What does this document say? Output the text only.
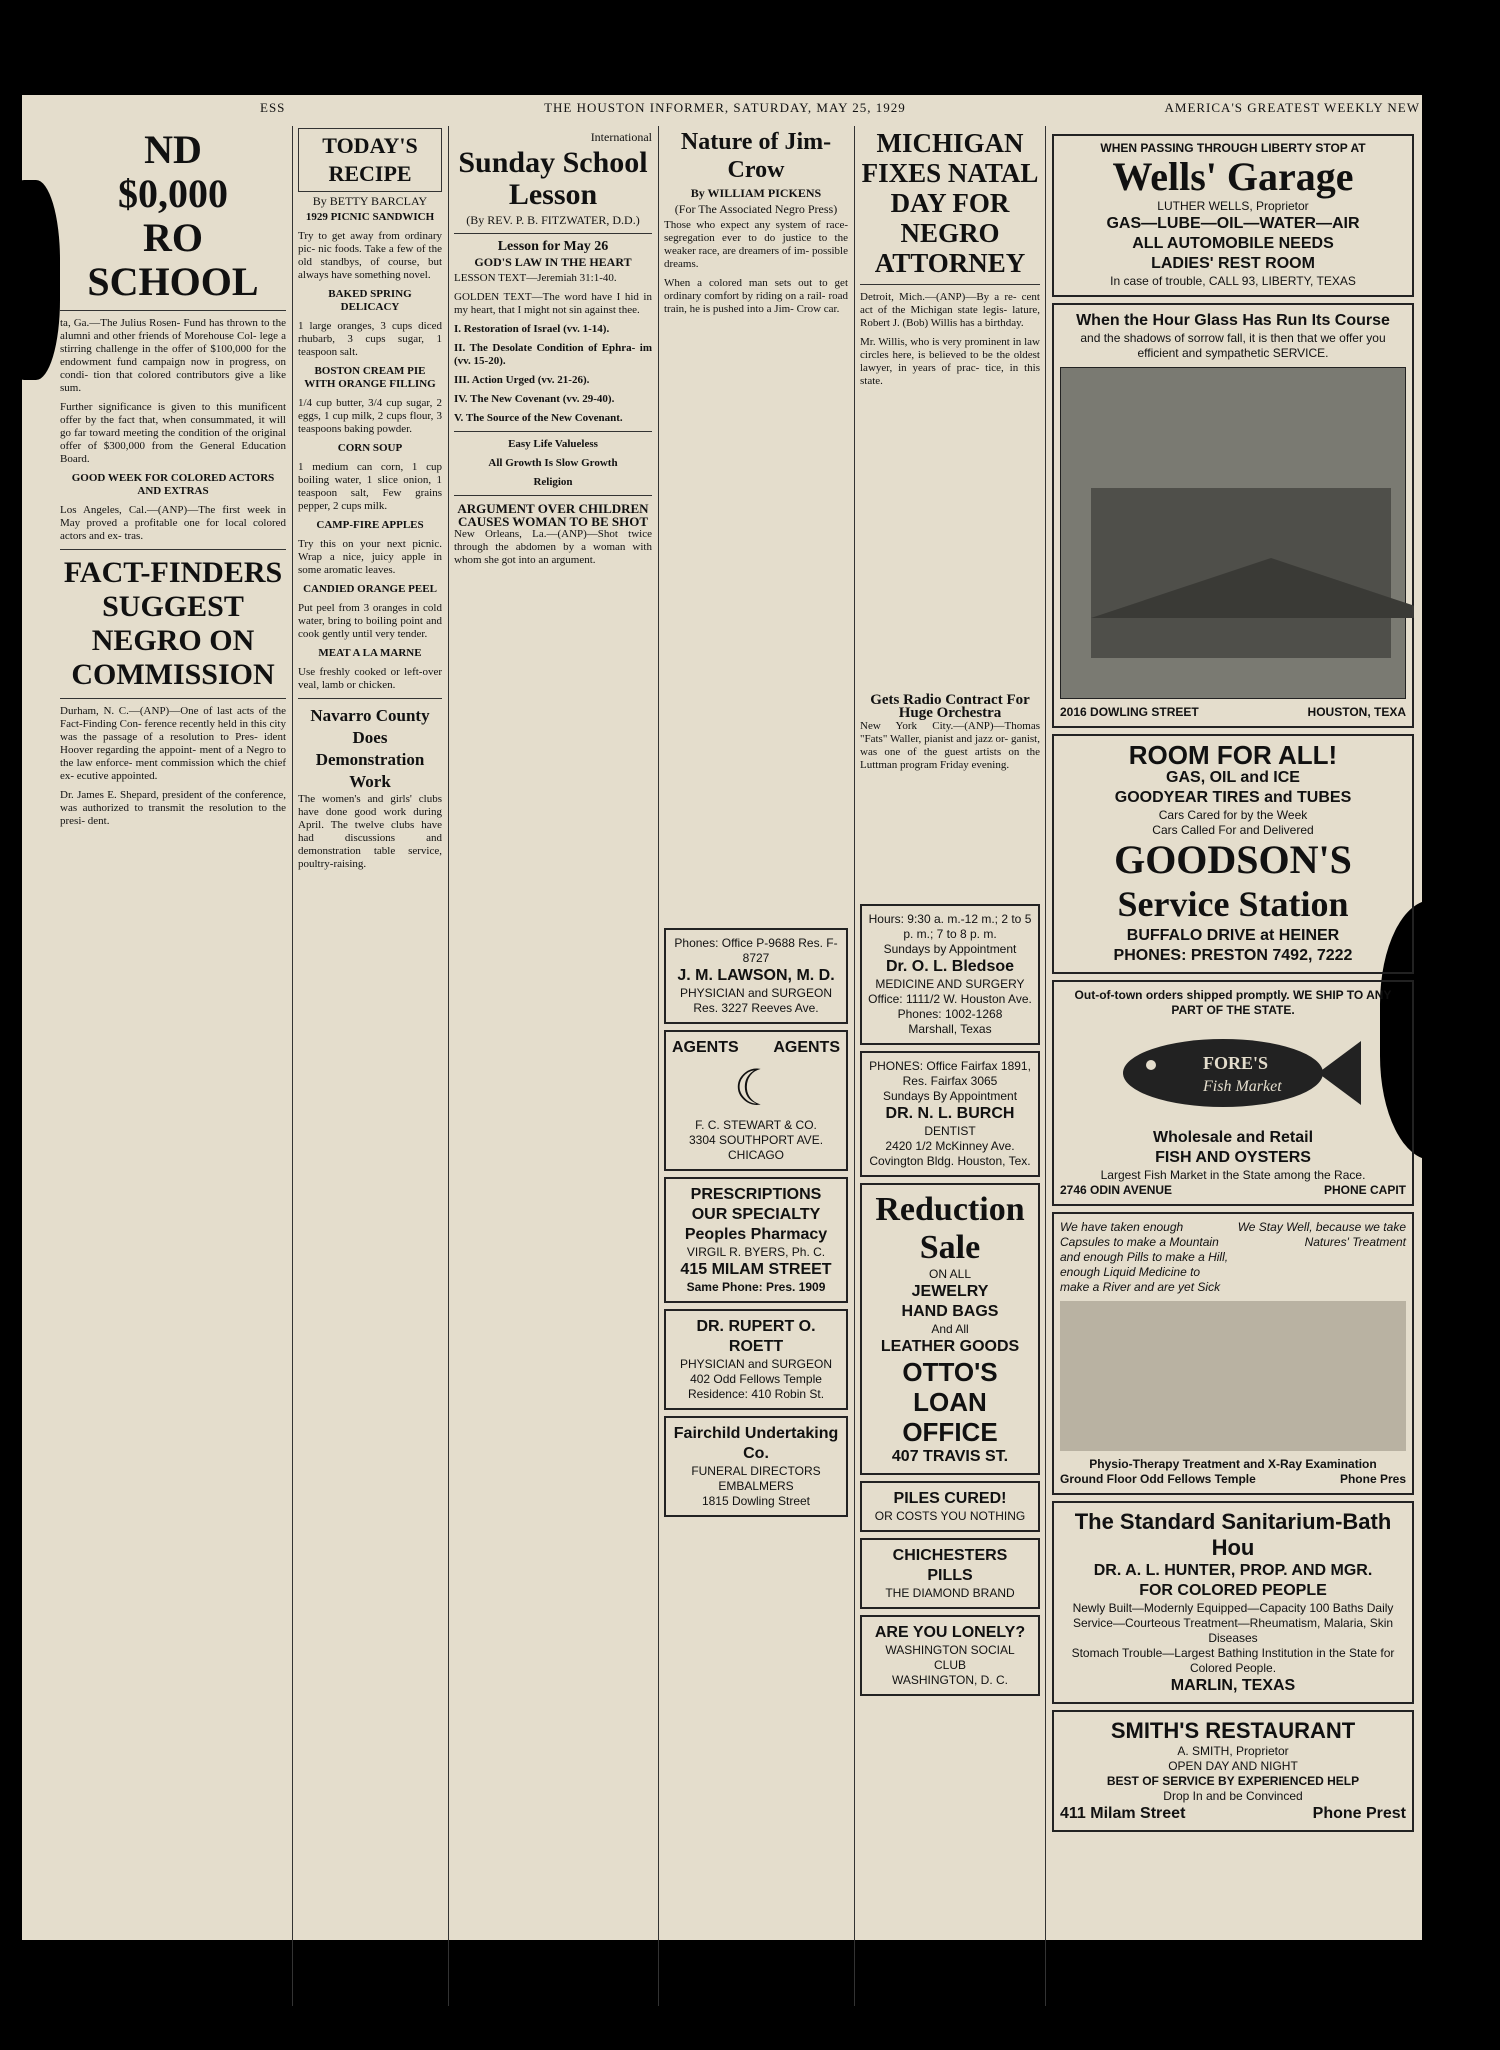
ESS	THE HOUSTON INFORMER, SATURDAY, MAY 25, 1929	AMERICA'S GREATEST WEEKLY NEW
ND
$0,000
RO SCHOOL

ta, Ga.—The Julius Rosen- Fund has thrown to the alumni and other friends of Morehouse Col- lege a stirring challenge in the offer of $100,000 for the endowment fund campaign now in progress, on condi- tion that colored contributors give a like sum.

Further significance is given to this munificent offer by the fact that, when consummated, it will go far toward meeting the condition of the original offer of $300,000 from the General Education Board.

GOOD WEEK FOR COLORED ACTORS AND EXTRAS

Los Angeles, Cal.—(ANP)—The first week in May proved a profitable one for local colored actors and ex- tras.

FACT-FINDERS SUGGEST NEGRO ON COMMISSION

Durham, N. C.—(ANP)—One of last acts of the Fact-Finding Con- ference recently held in this city was the passage of a resolution to Pres- ident Hoover regarding the appoint- ment of a Negro to the law enforce- ment commission which the chief ex- ecutive appointed.

Dr. James E. Shepard, president of the conference, was authorized to transmit the resolution to the presi- dent.

TODAY'S RECIPE
By BETTY BARCLAY

1929 PICNIC SANDWICH

Try to get away from ordinary pic- nic foods. Take a few of the old standbys, of course, but always have something novel.

BAKED SPRING DELICACY

1 large oranges, 3 cups diced rhubarb, 3 cups sugar, 1 teaspoon salt.

BOSTON CREAM PIE WITH ORANGE FILLING

1/4 cup butter, 3/4 cup sugar, 2 eggs, 1 cup milk, 2 cups flour, 3 teaspoons baking powder.

CORN SOUP

1 medium can corn, 1 cup boiling water, 1 slice onion, 1 teaspoon salt, Few grains pepper, 2 cups milk.

CAMP-FIRE APPLES

Try this on your next picnic. Wrap a nice, juicy apple in some aromatic leaves.

CANDIED ORANGE PEEL

Put peel from 3 oranges in cold water, bring to boiling point and cook gently until very tender.

MEAT A LA MARNE

Use freshly cooked or left-over veal, lamb or chicken.

Navarro County Does Demonstration Work

The women's and girls' clubs have done good work during April. The twelve clubs have had discussions and demonstration table service, poultry-raising.

International
Sunday School Lesson
(By REV. P. B. FITZWATER, D.D.)
Lesson for May 26
GOD'S LAW IN THE HEART

LESSON TEXT—Jeremiah 31:1-40.

GOLDEN TEXT—The word have I hid in my heart, that I might not sin against thee.

I. Restoration of Israel (vv. 1-14).

II. The Desolate Condition of Ephra- im (vv. 15-20).

III. Action Urged (vv. 21-26).

IV. The New Covenant (vv. 29-40).

V. The Source of the New Covenant.

Easy Life Valueless

All Growth Is Slow Growth

Religion

ARGUMENT OVER CHILDREN CAUSES WOMAN TO BE SHOT

New Orleans, La.—(ANP)—Shot twice through the abdomen by a woman with whom she got into an argument.

Nature of Jim-Crow
By WILLIAM PICKENS
(For The Associated Negro Press)

Those who expect any system of race-segregation ever to do justice to the weaker race, are dreamers of im- possible dreams.

When a colored man sets out to get ordinary comfort by riding on a rail- road train, he is pushed into a Jim- Crow car.

Phones: Office P-9688 Res. F-8727
J. M. LAWSON, M. D.
PHYSICIAN and SURGEON
Res. 3227 Reeves Ave.
AGENTS AGENTS
☾
F. C. STEWART & CO.
3304 SOUTHPORT AVE. CHICAGO
PRESCRIPTIONS OUR SPECIALTY
Peoples Pharmacy
VIRGIL R. BYERS, Ph. C.
415 MILAM STREET
Same Phone: Pres. 1909
DR. RUPERT O. ROETT
PHYSICIAN and SURGEON
402 Odd Fellows Temple
Residence: 410 Robin St.
Fairchild Undertaking Co.
FUNERAL DIRECTORS
EMBALMERS
1815 Dowling Street
MICHIGAN FIXES NATAL DAY FOR NEGRO ATTORNEY

Detroit, Mich.—(ANP)—By a re- cent act of the Michigan state legis- lature, Robert J. (Bob) Willis has a birthday.

Mr. Willis, who is very prominent in law circles here, is believed to be the oldest lawyer, in years of prac- tice, in this state.

Gets Radio Contract For Huge Orchestra

New York City.—(ANP)—Thomas "Fats" Waller, pianist and jazz or- ganist, was one of the guest artists on the Luttman program Friday evening.

Hours: 9:30 a. m.-12 m.; 2 to 5 p. m.; 7 to 8 p. m.
Sundays by Appointment
Dr. O. L. Bledsoe
MEDICINE AND SURGERY
Office: 1111/2 W. Houston Ave.
Phones: 1002-1268
Marshall, Texas
PHONES: Office Fairfax 1891, Res. Fairfax 3065
Sundays By Appointment
DR. N. L. BURCH
DENTIST
2420 1/2 McKinney Ave.
Covington Bldg. Houston, Tex.
Reduction Sale
ON ALL
JEWELRY
HAND BAGS
And All
LEATHER GOODS
OTTO'S LOAN OFFICE
407 TRAVIS ST.
PILES CURED!
OR COSTS YOU NOTHING
CHICHESTERS PILLS
THE DIAMOND BRAND
ARE YOU LONELY?
WASHINGTON SOCIAL CLUB
WASHINGTON, D. C.
WHEN PASSING THROUGH LIBERTY STOP AT
Wells' Garage
LUTHER WELLS, Proprietor
GAS—LUBE—OIL—WATER—AIR
ALL AUTOMOBILE NEEDS
LADIES' REST ROOM
In case of trouble, CALL 93, LIBERTY, TEXAS
When the Hour Glass Has Run Its Course
and the shadows of sorrow fall, it is then that we offer you efficient and sympathetic SERVICE.
2016 DOWLING STREET	HOUSTON, TEXA
ROOM FOR ALL!
GAS, OIL and ICE
GOODYEAR TIRES and TUBES
Cars Cared for by the Week
Cars Called For and Delivered
GOODSON'S
Service Station
BUFFALO DRIVE at HEINER
PHONES: PRESTON 7492, 7222
Out-of-town orders shipped promptly. WE SHIP TO ANY PART OF THE STATE.
FORE'S
Fish Market
Wholesale and Retail
FISH AND OYSTERS
Largest Fish Market in the State among the Race.
2746 ODIN AVENUE	PHONE CAPIT
We have taken enough Capsules to make a Mountain and enough Pills to make a Hill, enough Liquid Medicine to make a River and are yet Sick
We Stay Well, because we take Natures' Treatment
Physio-Therapy Treatment and X-Ray Examination
Ground Floor Odd Fellows Temple	Phone Pres
The Standard Sanitarium-Bath Hou
DR. A. L. HUNTER, PROP. AND MGR.
FOR COLORED PEOPLE
Newly Built—Modernly Equipped—Capacity 100 Baths Daily
Service—Courteous Treatment—Rheumatism, Malaria, Skin Diseases
Stomach Trouble—Largest Bathing Institution in the State for Colored People.
MARLIN, TEXAS
SMITH'S RESTAURANT
A. SMITH, Proprietor
OPEN DAY AND NIGHT
BEST OF SERVICE BY EXPERIENCED HELP
Drop In and be Convinced
411 Milam Street	Phone Prest
